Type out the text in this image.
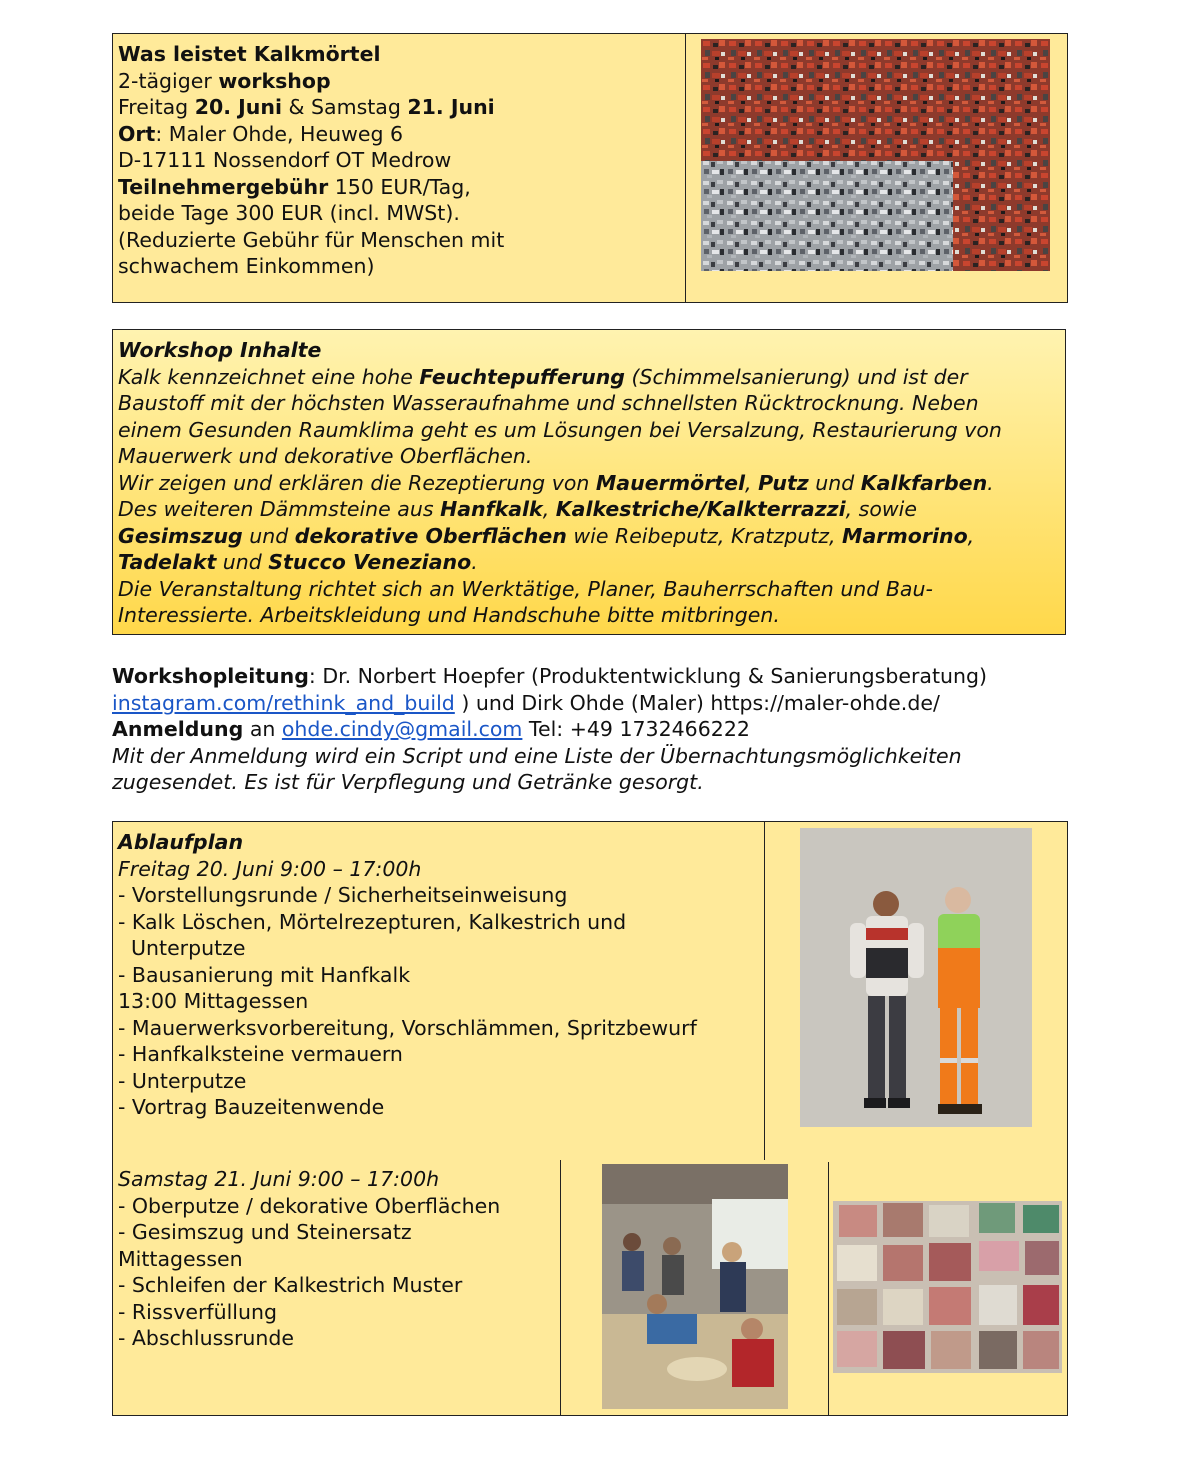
Was leistet Kalkmörtel
2-tägiger workshop
Freitag 20. Juni & Samstag 21. Juni
Ort: Maler Ohde, Heuweg 6
D-17111 Nossendorf OT Medrow
Teilnehmergebühr 150 EUR/Tag,
beide Tage 300 EUR (incl. MWSt).
(Reduzierte Gebühr für Menschen mit
schwachem Einkommen)
Workshop Inhalte
Kalk kennzeichnet eine hohe Feuchtepufferung (Schimmelsanierung) und ist der
Baustoff mit der höchsten Wasseraufnahme und schnellsten Rücktrocknung. Neben
einem Gesunden Raumklima geht es um Lösungen bei Versalzung, Restaurierung von
Mauerwerk und dekorative Oberflächen.
Wir zeigen und erklären die Rezeptierung von Mauermörtel, Putz und Kalkfarben.
Des weiteren Dämmsteine aus Hanfkalk, Kalkestriche/Kalkterrazzi, sowie
Gesimszug und dekorative Oberflächen wie Reibeputz, Kratzputz, Marmorino,
Tadelakt und Stucco Veneziano.
Die Veranstaltung richtet sich an Werktätige, Planer, Bauherrschaften und Bau-
Interessierte. Arbeitskleidung und Handschuhe bitte mitbringen.
Workshopleitung: Dr. Norbert Hoepfer (Produktentwicklung & Sanierungsberatung)
instagram.com/rethink_and_build ) und Dirk Ohde (Maler) https://maler-ohde.de/
Anmeldung an ohde.cindy@gmail.com Tel: +49 1732466222
Mit der Anmeldung wird ein Script und eine Liste der Übernachtungsmöglichkeiten
zugesendet. Es ist für Verpflegung und Getränke gesorgt.
Ablaufplan
Freitag 20. Juni 9:00 – 17:00h
- Vorstellungsrunde / Sicherheitseinweisung
- Kalk Löschen, Mörtelrezepturen, Kalkestrich und
Unterputze
- Bausanierung mit Hanfkalk
13:00 Mittagessen
- Mauerwerksvorbereitung, Vorschlämmen, Spritzbewurf
- Hanfkalksteine vermauern
- Unterputze
- Vortrag Bauzeitenwende
Samstag 21. Juni 9:00 – 17:00h
- Oberputze / dekorative Oberflächen
- Gesimszug und Steinersatz
Mittagessen
- Schleifen der Kalkestrich Muster
- Rissverfüllung
- Abschlussrunde
